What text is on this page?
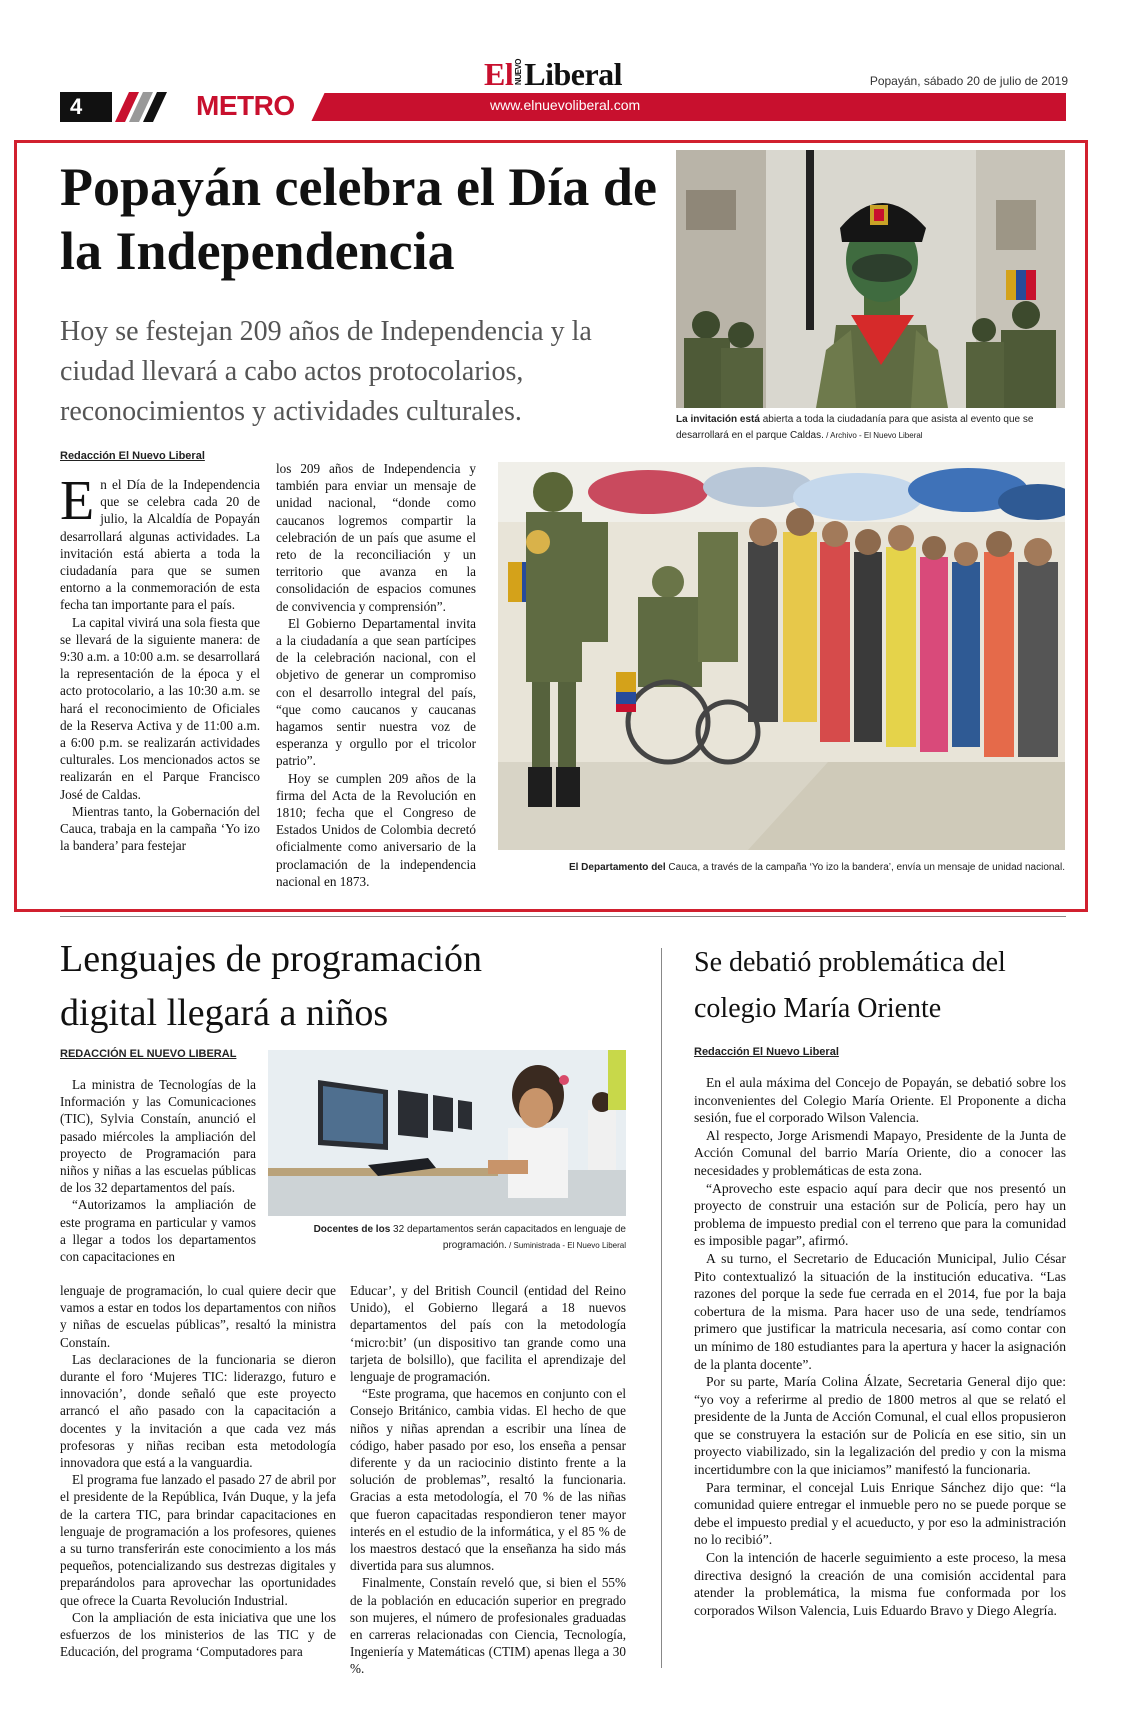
4	METRO
ElNUEVOLiberal
www.elnuevoliberal.com
Popayán, sábado 20 de julio de 2019
Popayán celebra el Día de la Independencia

Hoy se festejan 209 años de Independencia y la ciudad llevará a cabo actos protocolarios, reconocimientos y actividades culturales.

Redacción El Nuevo Liberal

En el Día de la Independencia que se celebra cada 20 de julio, la Alcaldía de Popayán desarrollará algunas actividades. La invitación está abierta a toda la ciudadanía para que se sumen entorno a la conmemoración de esta fecha tan importante para el país.

La capital vivirá una sola fiesta que se llevará de la siguiente manera: de 9:30 a.m. a 10:00 a.m. se desarrollará la representación de la época y el acto protocolario, a las 10:30 a.m. se hará el reconocimiento de Oficiales de la Reserva Activa y de 11:00 a.m. a 6:00 p.m. se realizarán actividades culturales. Los mencionados actos se realizarán en el Parque Francisco José de Caldas.

Mientras tanto, la Gobernación del Cauca, trabaja en la campaña ‘Yo izo la bandera’ para festejar

los 209 años de Independencia y también para enviar un mensaje de unidad nacional, “donde como caucanos logremos compartir la celebración de un país que asume el reto de la reconciliación y un territorio que avanza en la consolidación de espacios comunes de convivencia y comprensión”.

El Gobierno Departamental invita a la ciudadanía a que sean partícipes de la celebración nacional, con el objetivo de generar un compromiso con el desarrollo integral del país, “que como caucanos y caucanas hagamos sentir nuestra voz de esperanza y orgullo por el tricolor patrio”.

Hoy se cumplen 209 años de la firma del Acta de la Revolución en 1810; fecha que el Congreso de Estados Unidos de Colombia decretó oficialmente como aniversario de la proclamación de la independencia nacional en 1873.

La invitación está abierta a toda la ciudadanía para que asista al evento que se desarrollará en el parque Caldas. / Archivo - El Nuevo Liberal
El Departamento del Cauca, a través de la campaña ‘Yo izo la bandera’, envía un mensaje de unidad nacional.
Lenguajes de programación digital llegará a niños
REDACCIÓN EL NUEVO LIBERAL
Docentes de los 32 departamentos serán capacitados en lenguaje de programación. / Suministrada - El Nuevo Liberal

La ministra de Tecnologías de la Información y las Comunicaciones (TIC), Sylvia Constaín, anunció el pasado miércoles la ampliación del proyecto de Programación para niños y niñas a las escuelas públicas de los 32 departamentos del país.

“Autorizamos la ampliación de este programa en particular y vamos a llegar a todos los departamentos con capacitaciones en

lenguaje de programación, lo cual quiere decir que vamos a estar en todos los departamentos con niños y niñas de escuelas públicas”, resaltó la ministra Constaín.

Las declaraciones de la funcionaria se dieron durante el foro ‘Mujeres TIC: liderazgo, futuro e innovación’, donde señaló que este proyecto arrancó el año pasado con la capacitación a docentes y la invitación a que cada vez más profesoras y niñas reciban esta metodología innovadora que está a la vanguardia.

El programa fue lanzado el pasado 27 de abril por el presidente de la República, Iván Duque, y la jefa de la cartera TIC, para brindar capacitaciones en lenguaje de programación a los profesores, quienes a su turno transferirán este conocimiento a los más pequeños, potencializando sus destrezas digitales y preparándolos para aprovechar las oportunidades que ofrece la Cuarta Revolución Industrial.

Con la ampliación de esta iniciativa que une los esfuerzos de los ministerios de las TIC y de Educación, del programa ‘Computadores para

Educar’, y del British Council (entidad del Reino Unido), el Gobierno llegará a 18 nuevos departamentos del país con la metodología ‘micro:bit’ (un dispositivo tan grande como una tarjeta de bolsillo), que facilita el aprendizaje del lenguaje de programación.

“Este programa, que hacemos en conjunto con el Consejo Británico, cambia vidas. El hecho de que niños y niñas aprendan a escribir una línea de código, haber pasado por eso, los enseña a pensar diferente y da un raciocinio distinto frente a la solución de problemas”, resaltó la funcionaria. Gracias a esta metodología, el 70 % de las niñas que fueron capacitadas respondieron tener mayor interés en el estudio de la informática, y el 85 % de los maestros destacó que la enseñanza ha sido más divertida para sus alumnos.

Finalmente, Constaín reveló que, si bien el 55% de la población en educación superior en pregrado son mujeres, el número de profesionales graduadas en carreras relacionadas con Ciencia, Tecnología, Ingeniería y Matemáticas (CTIM) apenas llega a 30 %.

Se debatió problemática del colegio María Oriente
Redacción El Nuevo Liberal

En el aula máxima del Concejo de Popayán, se debatió sobre los inconvenientes del Colegio María Oriente. El Proponente a dicha sesión, fue el corporado Wilson Valencia.

Al respecto, Jorge Arismendi Mapayo, Presidente de la Junta de Acción Comunal del barrio María Oriente, dio a conocer las necesidades y problemáticas de esta zona.

“Aprovecho este espacio aquí para decir que nos presentó un proyecto de construir una estación sur de Policía, pero hay un problema de impuesto predial con el terreno que para la comunidad es imposible pagar”, afirmó.

A su turno, el Secretario de Educación Municipal, Julio César Pito contextualizó la situación de la institución educativa. “Las razones del porque la sede fue cerrada en el 2014, fue por la baja cobertura de la misma. Para hacer uso de una sede, tendríamos primero que justificar la matricula necesaria, así como contar con un mínimo de 180 estudiantes para la apertura y hacer la asignación de la planta docente”.

Por su parte, María Colina Álzate, Secretaria General dijo que: “yo voy a referirme al predio de 1800 metros al que se relató el presidente de la Junta de Acción Comunal, el cual ellos propusieron que se construyera la estación sur de Policía en ese sitio, sin un proyecto viabilizado, sin la legalización del predio y con la misma incertidumbre con la que iniciamos” manifestó la funcionaria.

Para terminar, el concejal Luis Enrique Sánchez dijo que: “la comunidad quiere entregar el inmueble pero no se puede porque se debe el impuesto predial y el acueducto, y por eso la administración no lo recibió”.

Con la intención de hacerle seguimiento a este proceso, la mesa directiva designó la creación de una comisión accidental para atender la problemática, la misma fue conformada por los corporados Wilson Valencia, Luis Eduardo Bravo y Diego Alegría.
